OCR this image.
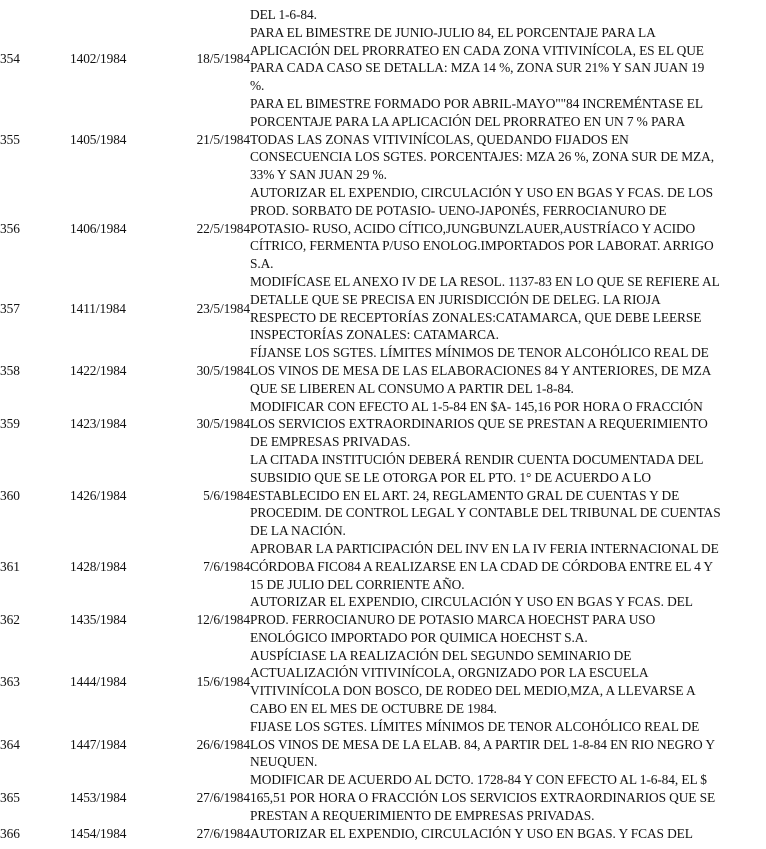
			DEL 1-6-84.

354	1402/1984	18/5/1984	PARA EL BIMESTRE DE JUNIO-JULIO 84, EL PORCENTAJE PARA LA
APLICACIÓN DEL PRORRATEO EN CADA ZONA VITIVINÍCOLA, ES EL QUE
PARA CADA CASO SE DETALLA: MZA 14 %, ZONA SUR 21% Y SAN JUAN 19
%.

355	1405/1984	21/5/1984	PARA EL BIMESTRE FORMADO POR ABRIL-MAYO""84 INCREMÉNTASE EL
PORCENTAJE PARA LA APLICACIÓN DEL PRORRATEO EN UN 7 % PARA
TODAS LAS ZONAS VITIVINÍCOLAS, QUEDANDO FIJADOS EN
CONSECUENCIA LOS SGTES. PORCENTAJES: MZA 26 %, ZONA SUR DE MZA,
33% Y SAN JUAN 29 %.

356	1406/1984	22/5/1984	AUTORIZAR EL EXPENDIO, CIRCULACIÓN Y USO EN BGAS Y FCAS. DE LOS
PROD. SORBATO DE POTASIO- UENO-JAPONÉS, FERROCIANURO DE
POTASIO- RUSO, ACIDO CÍTICO,JUNGBUNZLAUER,AUSTRÍACO Y ACIDO
CÍTRICO, FERMENTA P/USO ENOLOG.IMPORTADOS POR LABORAT. ARRIGO
S.A.

357	1411/1984	23/5/1984	MODIFÍCASE EL ANEXO IV DE LA RESOL. 1137-83 EN LO QUE SE REFIERE AL
DETALLE QUE SE PRECISA EN JURISDICCIÓN DE DELEG. LA RIOJA
RESPECTO DE RECEPTORÍAS ZONALES:CATAMARCA, QUE DEBE LEERSE
INSPECTORÍAS ZONALES: CATAMARCA.

358	1422/1984	30/5/1984	FÍJANSE LOS SGTES. LÍMITES MÍNIMOS DE TENOR ALCOHÓLICO REAL DE
LOS VINOS DE MESA DE LAS ELABORACIONES 84 Y ANTERIORES, DE MZA
QUE SE LIBEREN AL CONSUMO A PARTIR DEL 1-8-84.

359	1423/1984	30/5/1984	MODIFICAR CON EFECTO AL 1-5-84 EN $A- 145,16 POR HORA O FRACCIÓN
LOS SERVICIOS EXTRAORDINARIOS QUE SE PRESTAN A REQUERIMIENTO
DE EMPRESAS PRIVADAS.

360	1426/1984	5/6/1984	LA CITADA INSTITUCIÓN DEBERÁ RENDIR CUENTA DOCUMENTADA DEL
SUBSIDIO QUE SE LE OTORGA POR EL PTO. 1° DE ACUERDO A LO
ESTABLECIDO EN EL ART. 24, REGLAMENTO GRAL DE CUENTAS Y DE
PROCEDIM. DE CONTROL LEGAL Y CONTABLE DEL TRIBUNAL DE CUENTAS
DE LA NACIÓN.

361	1428/1984	7/6/1984	APROBAR LA PARTICIPACIÓN DEL INV EN LA IV FERIA INTERNACIONAL DE
CÓRDOBA FICO84 A REALIZARSE EN LA CDAD DE CÓRDOBA ENTRE EL 4 Y
15 DE JULIO DEL CORRIENTE AÑO.

362	1435/1984	12/6/1984	AUTORIZAR EL EXPENDIO, CIRCULACIÓN Y USO EN BGAS Y FCAS. DEL
PROD. FERROCIANURO DE POTASIO MARCA HOECHST PARA USO
ENOLÓGICO IMPORTADO POR QUIMICA HOECHST S.A.

363	1444/1984	15/6/1984	AUSPÍCIASE LA REALIZACIÓN DEL SEGUNDO SEMINARIO DE
ACTUALIZACIÓN VITIVINÍCOLA, ORGNIZADO POR LA ESCUELA
VITIVINÍCOLA DON BOSCO, DE RODEO DEL MEDIO,MZA, A LLEVARSE A
CABO EN EL MES DE OCTUBRE DE 1984.

364	1447/1984	26/6/1984	FIJASE LOS SGTES. LÍMITES MÍNIMOS DE TENOR ALCOHÓLICO REAL DE
LOS VINOS DE MESA DE LA ELAB. 84, A PARTIR DEL 1-8-84 EN RIO NEGRO Y
NEUQUEN.

365	1453/1984	27/6/1984	MODIFICAR DE ACUERDO AL DCTO. 1728-84 Y CON EFECTO AL 1-6-84, EL $
165,51 POR HORA O FRACCIÓN LOS SERVICIOS EXTRAORDINARIOS QUE SE
PRESTAN A REQUERIMIENTO DE EMPRESAS PRIVADAS.

366	1454/1984	27/6/1984	AUTORIZAR EL EXPENDIO, CIRCULACIÓN Y USO EN BGAS. Y FCAS DEL
